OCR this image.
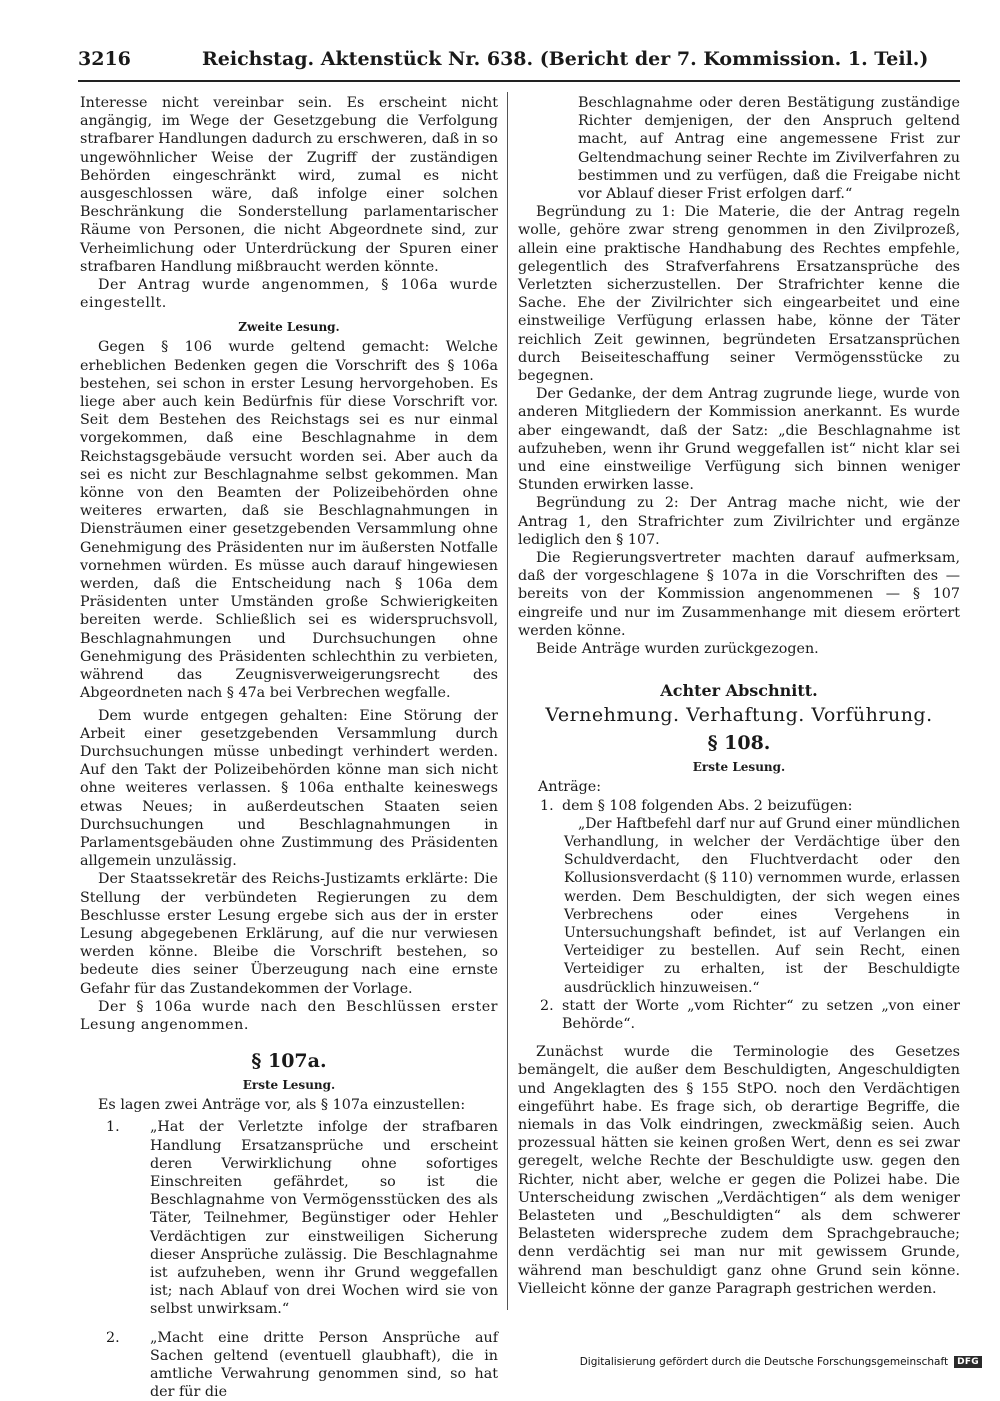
3216	Reichstag. Aktenstück Nr. 638. (Bericht der 7. Kommission. 1. Teil.)

Interesse nicht vereinbar sein. Es erscheint nicht angängig, im Wege der Gesetzgebung die Verfolgung strafbarer Handlungen dadurch zu erschweren, daß in so ungewöhnlicher Weise der Zugriff der zuständigen Behörden eingeschränkt wird, zumal es nicht ausgeschlossen wäre, daß infolge einer solchen Beschränkung die Sonderstellung parlamentarischer Räume von Personen, die nicht Abgeordnete sind, zur Verheimlichung oder Unterdrückung der Spuren einer strafbaren Handlung mißbraucht werden könnte.

Der Antrag wurde angenommen, § 106a wurde eingestellt.

Zweite Lesung.

Gegen § 106 wurde geltend gemacht: Welche erheblichen Bedenken gegen die Vorschrift des § 106a bestehen, sei schon in erster Lesung hervorgehoben. Es liege aber auch kein Bedürfnis für diese Vorschrift vor. Seit dem Bestehen des Reichstags sei es nur einmal vorgekommen, daß eine Beschlagnahme in dem Reichstagsgebäude versucht worden sei. Aber auch da sei es nicht zur Beschlagnahme selbst gekommen. Man könne von den Beamten der Polizeibehörden ohne weiteres erwarten, daß sie Beschlagnahmungen in Diensträumen einer gesetzgebenden Versammlung ohne Genehmigung des Präsidenten nur im äußersten Notfalle vornehmen würden. Es müsse auch darauf hingewiesen werden, daß die Entscheidung nach § 106a dem Präsidenten unter Umständen große Schwierigkeiten bereiten werde. Schließlich sei es widerspruchsvoll, Beschlagnahmungen und Durchsuchungen ohne Genehmigung des Präsidenten schlechthin zu verbieten, während das Zeugnisverweigerungsrecht des Abgeordneten nach § 47a bei Verbrechen wegfalle.

Dem wurde entgegen gehalten: Eine Störung der Arbeit einer gesetzgebenden Versammlung durch Durchsuchungen müsse unbedingt verhindert werden. Auf den Takt der Polizeibehörden könne man sich nicht ohne weiteres verlassen. § 106a enthalte keineswegs etwas Neues; in außerdeutschen Staaten seien Durchsuchungen und Beschlagnahmungen in Parlamentsgebäuden ohne Zustimmung des Präsidenten allgemein unzulässig.

Der Staatssekretär des Reichs-Justizamts erklärte: Die Stellung der verbündeten Regierungen zu dem Beschlusse erster Lesung ergebe sich aus der in erster Lesung abgegebenen Erklärung, auf die nur verwiesen werden könne. Bleibe die Vorschrift bestehen, so bedeute dies seiner Überzeugung nach eine ernste Gefahr für das Zustandekommen der Vorlage.

Der § 106a wurde nach den Beschlüssen erster Lesung angenommen.

§ 107a.
Erste Lesung.

Es lagen zwei Anträge vor, als § 107a einzustellen:

1.	„Hat der Verletzte infolge der strafbaren Handlung Ersatzansprüche und erscheint deren Verwirklichung ohne sofortiges Einschreiten gefährdet, so ist die Beschlagnahme von Vermögensstücken des als Täter, Teilnehmer, Begünstiger oder Hehler Verdächtigen zur einstweiligen Sicherung dieser Ansprüche zulässig. Die Beschlagnahme ist aufzuheben, wenn ihr Grund weggefallen ist; nach Ablauf von drei Wochen wird sie von selbst unwirksam.“
2.	„Macht eine dritte Person Ansprüche auf Sachen geltend (eventuell glaubhaft), die in amtliche Verwahrung genommen sind, so hat der für die

Beschlagnahme oder deren Bestätigung zuständige Richter demjenigen, der den Anspruch geltend macht, auf Antrag eine angemessene Frist zur Geltendmachung seiner Rechte im Zivilverfahren zu bestimmen und zu verfügen, daß die Freigabe nicht vor Ablauf dieser Frist erfolgen darf.“

Begründung zu 1: Die Materie, die der Antrag regeln wolle, gehöre zwar streng genommen in den Zivilprozeß, allein eine praktische Handhabung des Rechtes empfehle, gelegentlich des Strafverfahrens Ersatzansprüche des Verletzten sicherzustellen. Der Strafrichter kenne die Sache. Ehe der Zivilrichter sich eingearbeitet und eine einstweilige Verfügung erlassen habe, könne der Täter reichlich Zeit gewinnen, begründeten Ersatzansprüchen durch Beiseiteschaffung seiner Vermögensstücke zu begegnen.

Der Gedanke, der dem Antrag zugrunde liege, wurde von anderen Mitgliedern der Kommission anerkannt. Es wurde aber eingewandt, daß der Satz: „die Beschlagnahme ist aufzuheben, wenn ihr Grund weggefallen ist“ nicht klar sei und eine einstweilige Verfügung sich binnen weniger Stunden erwirken lasse.

Begründung zu 2: Der Antrag mache nicht, wie der Antrag 1, den Strafrichter zum Zivilrichter und ergänze lediglich den § 107.

Die Regierungsvertreter machten darauf aufmerksam, daß der vorgeschlagene § 107a in die Vorschriften des — bereits von der Kommission angenommenen — § 107 eingreife und nur im Zusammenhange mit diesem erörtert werden könne.

Beide Anträge wurden zurückgezogen.

Achter Abschnitt.
Vernehmung. Verhaftung. Vorführung.
§ 108.
Erste Lesung.

Anträge:

1. dem § 108 folgenden Abs. 2 beizufügen:

„Der Haftbefehl darf nur auf Grund einer mündlichen Verhandlung, in welcher der Verdächtige über den Schuldverdacht, den Fluchtverdacht oder den Kollusionsverdacht (§ 110) vernommen wurde, erlassen werden. Dem Beschuldigten, der sich wegen eines Verbrechens oder eines Vergehens in Untersuchungshaft befindet, ist auf Verlangen ein Verteidiger zu bestellen. Auf sein Recht, einen Verteidiger zu erhalten, ist der Beschuldigte ausdrücklich hinzuweisen.“

2. statt der Worte „vom Richter“ zu setzen „von einer Behörde“.

Zunächst wurde die Terminologie des Gesetzes bemängelt, die außer dem Beschuldigten, Angeschuldigten und Angeklagten des § 155 StPO. noch den Verdächtigen eingeführt habe. Es frage sich, ob derartige Begriffe, die niemals in das Volk eindringen, zweckmäßig seien. Auch prozessual hätten sie keinen großen Wert, denn es sei zwar geregelt, welche Rechte der Beschuldigte usw. gegen den Richter, nicht aber, welche er gegen die Polizei habe. Die Unterscheidung zwischen „Verdächtigen“ als dem weniger Belasteten und „Beschuldigten“ als dem schwerer Belasteten widerspreche zudem dem Sprachgebrauche; denn verdächtig sei man nur mit gewissem Grunde, während man beschuldigt ganz ohne Grund sein könne. Vielleicht könne der ganze Paragraph gestrichen werden.

Digitalisierung gefördert durch die Deutsche Forschungsgemeinschaft	DFG
